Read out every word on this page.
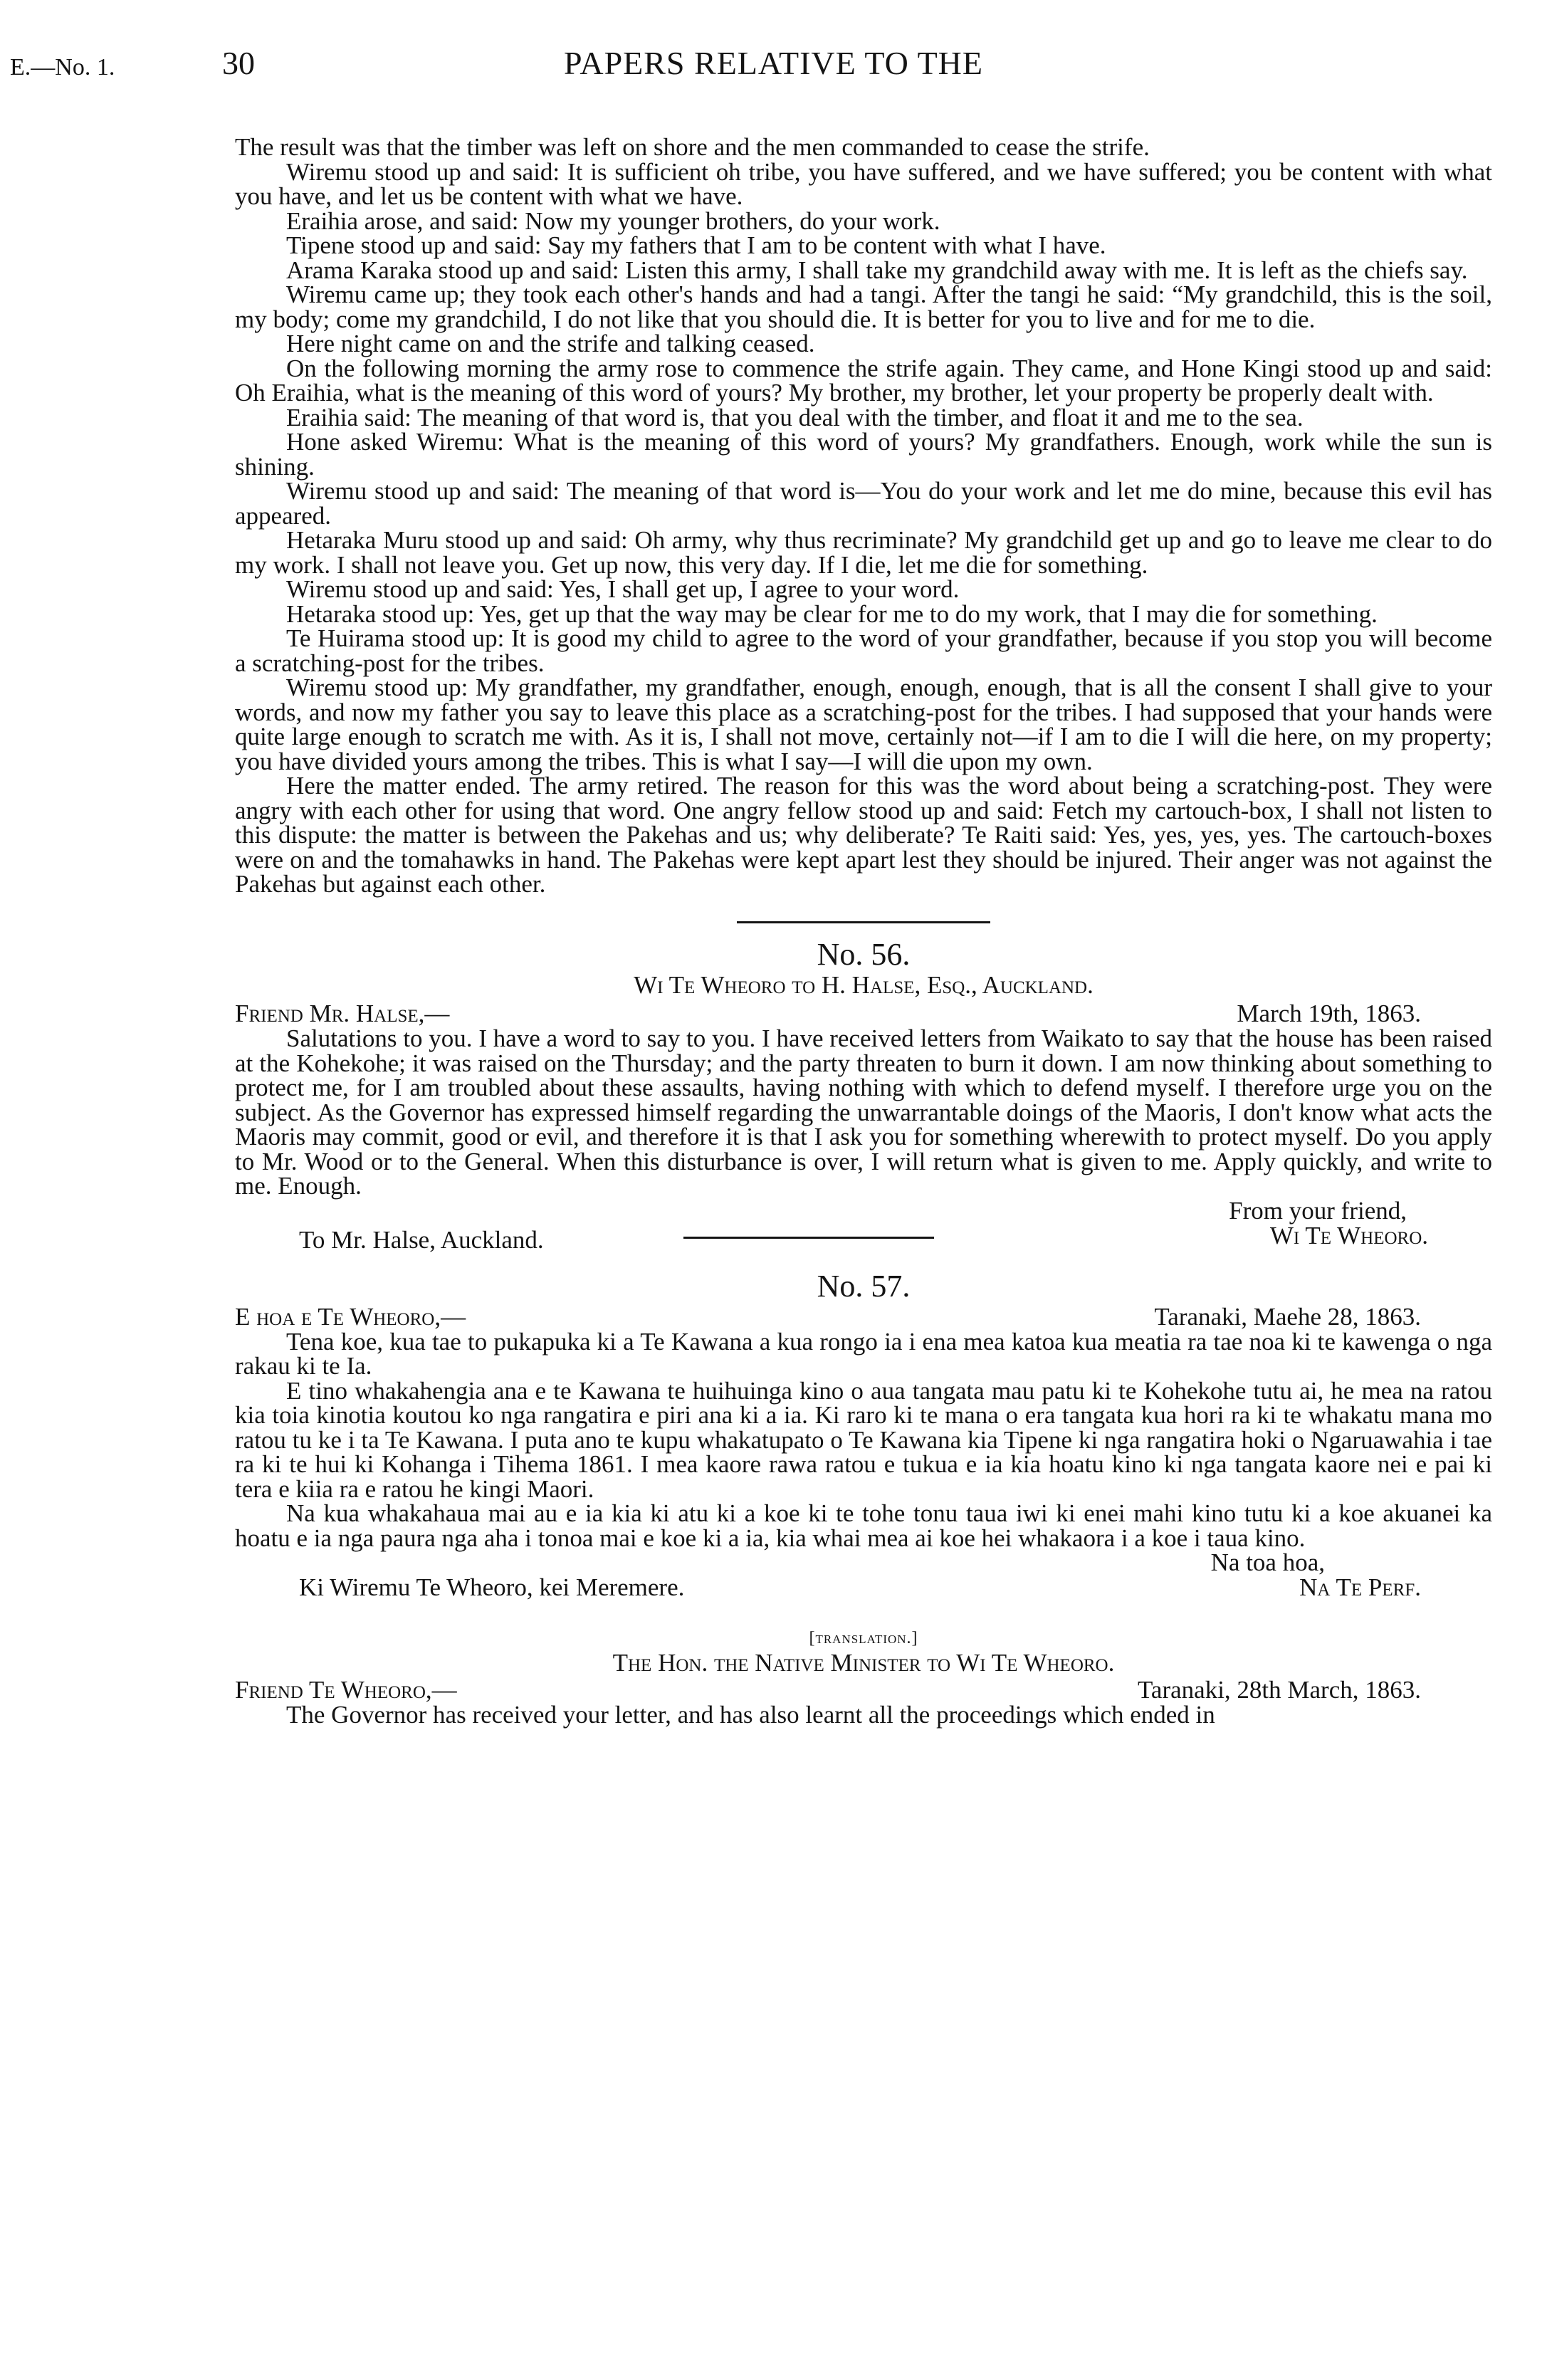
E.—No. 1.	30	PAPERS RELATIVE TO THE

The result was that the timber was left on shore and the men commanded to cease the strife.

Wiremu stood up and said: It is sufficient oh tribe, you have suffered, and we have suffered; you be content with what you have, and let us be content with what we have.

Eraihia arose, and said: Now my younger brothers, do your work.

Tipene stood up and said: Say my fathers that I am to be content with what I have.

Arama Karaka stood up and said: Listen this army, I shall take my grandchild away with me. It is left as the chiefs say.

Wiremu came up; they took each other's hands and had a tangi. After the tangi he said: “My grandchild, this is the soil, my body; come my grandchild, I do not like that you should die. It is better for you to live and for me to die.

Here night came on and the strife and talking ceased.

On the following morning the army rose to commence the strife again. They came, and Hone Kingi stood up and said: Oh Eraihia, what is the meaning of this word of yours? My brother, my brother, let your property be properly dealt with.

Eraihia said: The meaning of that word is, that you deal with the timber, and float it and me to the sea.

Hone asked Wiremu: What is the meaning of this word of yours? My grandfathers. Enough, work while the sun is shining.

Wiremu stood up and said: The meaning of that word is—You do your work and let me do mine, because this evil has appeared.

Hetaraka Muru stood up and said: Oh army, why thus recriminate? My grandchild get up and go to leave me clear to do my work. I shall not leave you. Get up now, this very day. If I die, let me die for something.

Wiremu stood up and said: Yes, I shall get up, I agree to your word.

Hetaraka stood up: Yes, get up that the way may be clear for me to do my work, that I may die for something.

Te Huirama stood up: It is good my child to agree to the word of your grandfather, because if you stop you will become a scratching-post for the tribes.

Wiremu stood up: My grandfather, my grandfather, enough, enough, enough, that is all the consent I shall give to your words, and now my father you say to leave this place as a scratching-post for the tribes. I had supposed that your hands were quite large enough to scratch me with. As it is, I shall not move, certainly not—if I am to die I will die here, on my property; you have divided yours among the tribes. This is what I say—I will die upon my own.

Here the matter ended. The army retired. The reason for this was the word about being a scratching-post. They were angry with each other for using that word. One angry fellow stood up and said: Fetch my cartouch-box, I shall not listen to this dispute: the matter is between the Pakehas and us; why deliberate? Te Raiti said: Yes, yes, yes, yes. The cartouch-boxes were on and the tomahawks in hand. The Pakehas were kept apart lest they should be injured. Their anger was not against the Pakehas but against each other.

No. 56.
Wi Te Wheoro to H. Halse, Esq., Auckland.
Friend Mr. Halse,—	March 19th, 1863.

Salutations to you. I have a word to say to you. I have received letters from Waikato to say that the house has been raised at the Kohekohe; it was raised on the Thursday; and the party threaten to burn it down. I am now thinking about something to protect me, for I am troubled about these assaults, having nothing with which to defend myself. I therefore urge you on the subject. As the Governor has expressed himself regarding the unwarrantable doings of the Maoris, I don't know what acts the Maoris may commit, good or evil, and therefore it is that I ask you for something wherewith to protect myself. Do you apply to Mr. Wood or to the General. When this disturbance is over, I will return what is given to me. Apply quickly, and write to me. Enough.

From your friend,
To Mr. Halse, Auckland.	Wi Te Wheoro.
No. 57.
E hoa e Te Wheoro,—	Taranaki, Maehe 28, 1863.

Tena koe, kua tae to pukapuka ki a Te Kawana a kua rongo ia i ena mea katoa kua meatia ra tae noa ki te kawenga o nga rakau ki te Ia.

E tino whakahengia ana e te Kawana te huihuinga kino o aua tangata mau patu ki te Kohekohe tutu ai, he mea na ratou kia toia kinotia koutou ko nga rangatira e piri ana ki a ia. Ki raro ki te mana o era tangata kua hori ra ki te whakatu mana mo ratou tu ke i ta Te Kawana. I puta ano te kupu whakatupato o Te Kawana kia Tipene ki nga rangatira hoki o Ngaruawahia i tae ra ki te hui ki Kohanga i Tihema 1861. I mea kaore rawa ratou e tukua e ia kia hoatu kino ki nga tangata kaore nei e pai ki tera e kiia ra e ratou he kingi Maori.

Na kua whakahaua mai au e ia kia ki atu ki a koe ki te tohe tonu taua iwi ki enei mahi kino tutu ki a koe akuanei ka hoatu e ia nga paura nga aha i tonoa mai e koe ki a ia, kia whai mea ai koe hei whakaora i a koe i taua kino.

Na toa hoa,
Ki Wiremu Te Wheoro, kei Meremere.	Na Te Perf.
[translation.]
The Hon. the Native Minister to Wi Te Wheoro.
Friend Te Wheoro,—	Taranaki, 28th March, 1863.

The Governor has received your letter, and has also learnt all the proceedings which ended in
